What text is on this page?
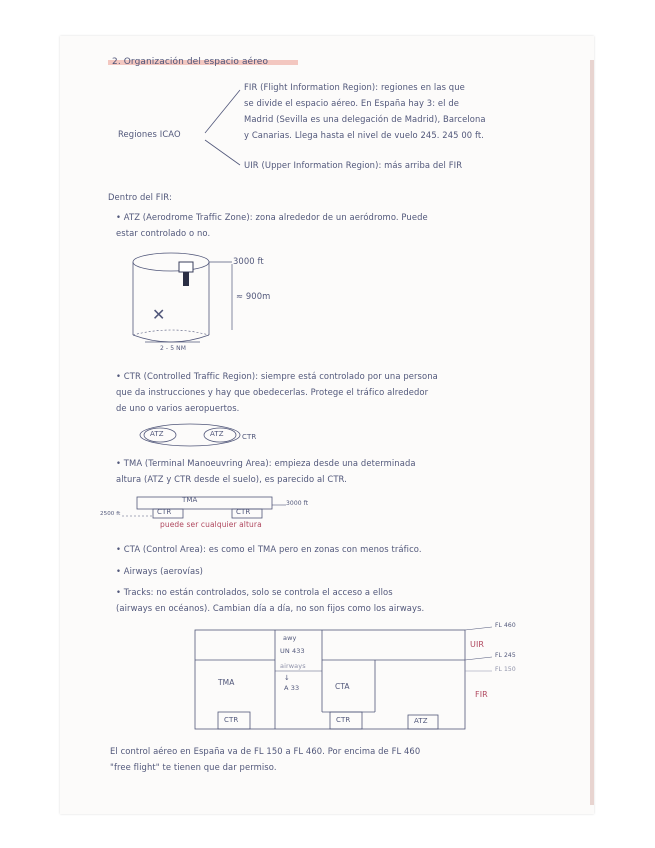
2. Organización del espacio aéreo
Regiones ICAO
FIR (Flight Information Region): regiones en las que
se divide el espacio aéreo. En España hay 3: el de
Madrid (Sevilla es una delegación de Madrid), Barcelona
y Canarias. Llega hasta el nivel de vuelo 245. 245 00 ft.
UIR (Upper Information Region): más arriba del FIR
Dentro del FIR:
• ATZ (Aerodrome Traffic Zone): zona alrededor de un aeródromo. Puede
estar controlado o no.
3000 ft
≈ 900m
✕
2 - 5 NM
• CTR (Controlled Traffic Region): siempre está controlado por una persona
que da instrucciones y hay que obedecerlas. Protege el tráfico alrededor
de uno o varios aeropuertos.
ATZ	ATZ	CTR
• TMA (Terminal Manoeuvring Area): empieza desde una determinada
altura (ATZ y CTR desde el suelo), es parecido al CTR.
TMA
CTR	CTR
2500 ft
3000 ft
puede ser cualquier altura
• CTA (Control Area): es como el TMA pero en zonas con menos tráfico.
• Airways (aerovías)
• Tracks: no están controlados, solo se controla el acceso a ellos
(airways en océanos). Cambian día a día, no son fijos como los airways.
FL 460
FL 245
FL 150
UIR
FIR
awy
UN 433
airways
↓
A 33
TMA	CTA
CTR	CTR	ATZ
El control aéreo en España va de FL 150 a FL 460. Por encima de FL 460
"free flight" te tienen que dar permiso.
